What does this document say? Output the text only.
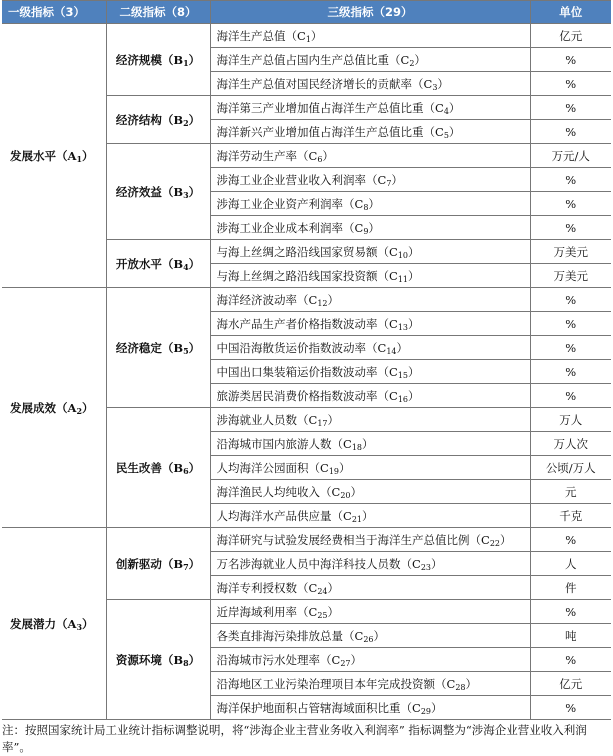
一级指标（3）	二级指标（8）	三级指标（29）	单位
发展水平$(A_1)$	经济规模$(B_1)$	海洋生产总值$(C_1)$	亿元
		海洋生产总值占国内生产总值比重$(C_2)$	%
		海洋生产总值对国民经济增长的贡献率$(C_3)$	%
	经济结构$(B_2)$	海洋第三产业增加值占海洋生产总值比重$(C_4)$	%
		海洋新兴产业增加值占海洋生产总值比重$(C_5)$	%
	经济效益$(B_3)$	海洋劳动生产率$(C_6)$	万元/人
		涉海工业企业营业收入利润率$(C_7)$	%
		涉海工业企业资产利润率$(C_8)$	%
		涉海工业企业成本利润率$(C_9)$	%
	开放水平$(B_4)$	与海上丝绸之路沿线国家贸易额$(C_{10})$	万美元
		与海上丝绸之路沿线国家投资额$(C_{11})$	万美元
发展成效$(A_2)$	经济稳定$(B_5)$	海洋经济波动率$(C_{12})$	%
		海水产品生产者价格指数波动率$(C_{13})$	%
		中国沿海散货运价指数波动率$(C_{14})$	%
		中国出口集装箱运价指数波动率$(C_{15})$	%
		旅游类居民消费价格指数波动率$(C_{16})$	%
	民生改善$(B_6)$	涉海就业人员数$(C_{17})$	万人
		沿海城市国内旅游人数$(C_{18})$	万人次
		人均海洋公园面积$(C_{19})$	公顷/万人
		海洋渔民人均纯收入$(C_{20})$	元
		人均海洋水产品供应量$(C_{21})$	千克
发展潜力$(A_3)$	创新驱动$(B_7)$	海洋研究与试验发展经费相当于海洋生产总值比例$(C_{22})$	%
		万名涉海就业人员中海洋科技人员数$(C_{23})$	人
		海洋专利授权数$(C_{24})$	件
	资源环境$(B_8)$	近岸海域利用率$(C_{25})$	%
		各类直排海污染排放总量$(C_{26})$	吨
		沿海城市污水处理率$(C_{27})$	%
		沿海地区工业污染治理项目本年完成投资额$(C_{28})$	亿元
		海洋保护地面积占管辖海域面积比重$(C_{29})$	%
注：按照国家统计局工业统计指标调整说明，将“涉海企业主营业务收入利润率” 指标调整为“涉海企业营业收入利润率”。
